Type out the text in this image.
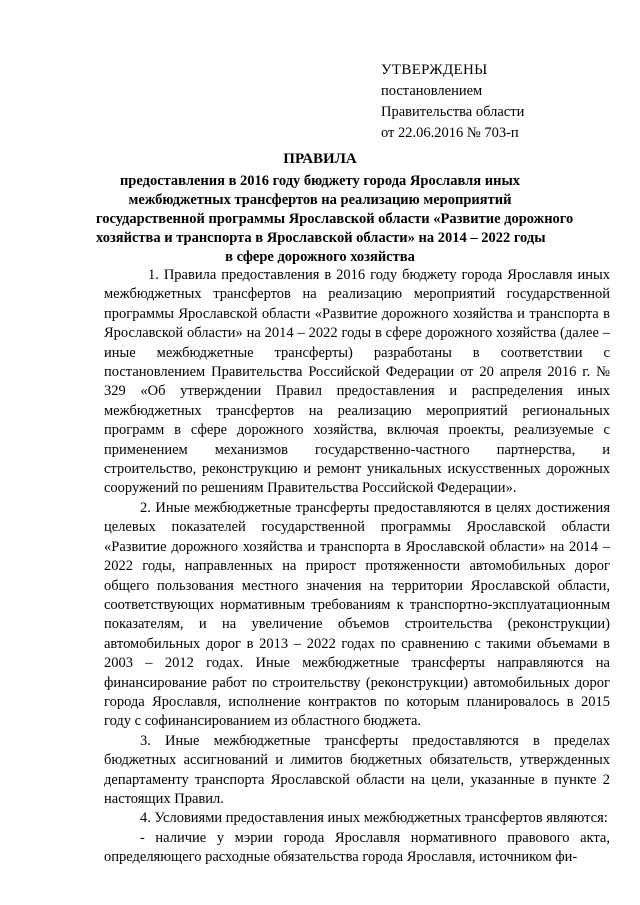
УТВЕРЖДЕНЫ
постановлением
Правительства области
от 22.06.2016 № 703-п
ПРАВИЛА
предоставления в 2016 году бюджету города Ярославля иных
межбюджетных трансфертов на реализацию мероприятий
государственной программы Ярославской области «Развитие дорожного
хозяйства и транспорта в Ярославской области» на 2014 – 2022 годы
в сфере дорожного хозяйства

1. Правила предоставления в 2016 году бюджету города Ярославля иных межбюджетных трансфертов на реализацию мероприятий государственной программы Ярославской области «Развитие дорожного хозяйства и транспорта в Ярославской области» на 2014 – 2022 годы в сфере дорожного хозяйства (далее – иные межбюджетные трансферты) разработаны в соответствии с постановлением Правительства Российской Федерации от 20 апреля 2016 г. № 329 «Об утверждении Правил предоставления и распределения иных межбюджетных трансфертов на реализацию мероприятий региональных программ в сфере дорожного хозяйства, включая проекты, реализуемые с применением механизмов государственно-частного партнерства, и строительство, реконструкцию и ремонт уникальных искусственных дорожных сооружений по решениям Правительства Российской Федерации».

2. Иные межбюджетные трансферты предоставляются в целях достижения целевых показателей государственной программы Ярославской области «Развитие дорожного хозяйства и транспорта в Ярославской области» на 2014 – 2022 годы, направленных на прирост протяженности автомобильных дорог общего пользования местного значения на территории Ярославской области, соответствующих нормативным требованиям к транспортно-эксплуатационным показателям, и на увеличение объемов строительства (реконструкции) автомобильных дорог в 2013 – 2022 годах по сравнению с такими объемами в 2003 – 2012 годах. Иные межбюджетные трансферты направляются на финансирование работ по строительству (реконструкции) автомобильных дорог города Ярославля, исполнение контрактов по которым планировалось в 2015 году с софинансированием из областного бюджета.

3. Иные межбюджетные трансферты предоставляются в пределах бюджетных ассигнований и лимитов бюджетных обязательств, утвержденных департаменту транспорта Ярославской области на цели, указанные в пункте 2 настоящих Правил.

4. Условиями предоставления иных межбюджетных трансфертов являются:

- наличие у мэрии города Ярославля нормативного правового акта, определяющего расходные обязательства города Ярославля, источником фи-
